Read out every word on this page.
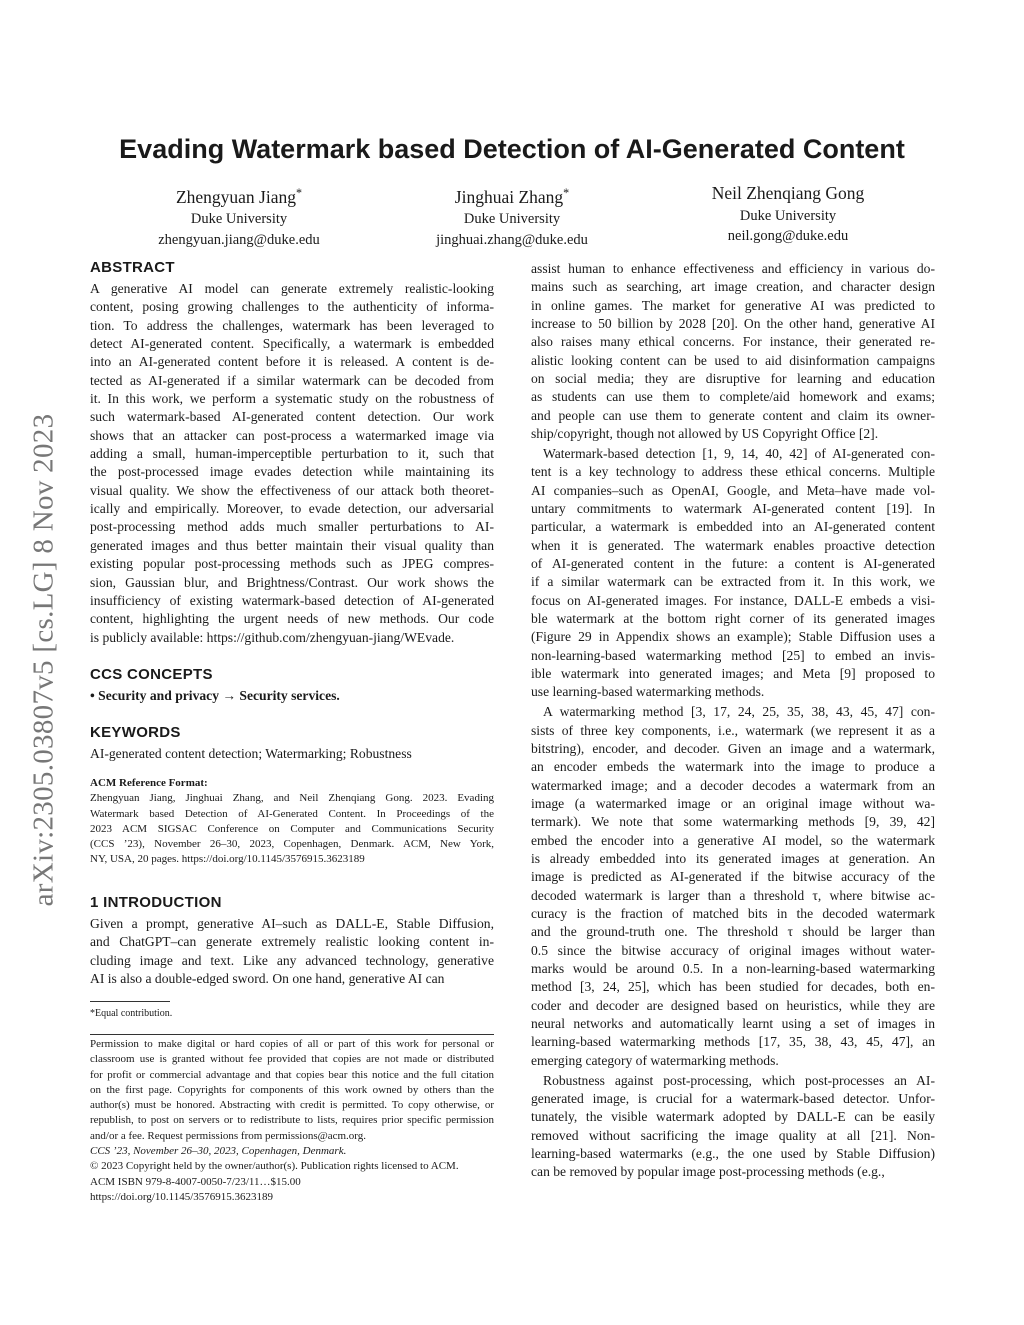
arXiv:2305.03807v5 [cs.LG] 8 Nov 2023
Evading Watermark based Detection of AI-Generated Content
Zhengyuan Jiang*
Duke University
zhengyuan.jiang@duke.edu
Jinghuai Zhang*
Duke University
jinghuai.zhang@duke.edu
Neil Zhenqiang Gong
Duke University
neil.gong@duke.edu
ABSTRACT
A generative AI model can generate extremely realistic-looking
content, posing growing challenges to the authenticity of informa-
tion. To address the challenges, watermark has been leveraged to
detect AI-generated content. Specifically, a watermark is embedded
into an AI-generated content before it is released. A content is de-
tected as AI-generated if a similar watermark can be decoded from
it. In this work, we perform a systematic study on the robustness of
such watermark-based AI-generated content detection. Our work
shows that an attacker can post-process a watermarked image via
adding a small, human-imperceptible perturbation to it, such that
the post-processed image evades detection while maintaining its
visual quality. We show the effectiveness of our attack both theoret-
ically and empirically. Moreover, to evade detection, our adversarial
post-processing method adds much smaller perturbations to AI-
generated images and thus better maintain their visual quality than
existing popular post-processing methods such as JPEG compres-
sion, Gaussian blur, and Brightness/Contrast. Our work shows the
insufficiency of existing watermark-based detection of AI-generated
content, highlighting the urgent needs of new methods. Our code
is publicly available: https://github.com/zhengyuan-jiang/WEvade.
CCS CONCEPTS
• Security and privacy → Security services.
KEYWORDS
AI-generated content detection; Watermarking; Robustness
ACM Reference Format:
Zhengyuan Jiang, Jinghuai Zhang, and Neil Zhenqiang Gong. 2023. Evading
Watermark based Detection of AI-Generated Content. In Proceedings of the
2023 ACM SIGSAC Conference on Computer and Communications Security
(CCS ’23), November 26–30, 2023, Copenhagen, Denmark. ACM, New York,
NY, USA, 20 pages. https://doi.org/10.1145/3576915.3623189
1 INTRODUCTION
Given a prompt, generative AI–such as DALL-E, Stable Diffusion,
and ChatGPT–can generate extremely realistic looking content in-
cluding image and text. Like any advanced technology, generative
AI is also a double-edged sword. On one hand, generative AI can
*Equal contribution.
Permission to make digital or hard copies of all or part of this work for personal or
classroom use is granted without fee provided that copies are not made or distributed
for profit or commercial advantage and that copies bear this notice and the full citation
on the first page. Copyrights for components of this work owned by others than the
author(s) must be honored. Abstracting with credit is permitted. To copy otherwise, or
republish, to post on servers or to redistribute to lists, requires prior specific permission
and/or a fee. Request permissions from permissions@acm.org.
CCS ’23, November 26–30, 2023, Copenhagen, Denmark.
© 2023 Copyright held by the owner/author(s). Publication rights licensed to ACM.
ACM ISBN 979-8-4007-0050-7/23/11…$15.00
https://doi.org/10.1145/3576915.3623189
assist human to enhance effectiveness and efficiency in various do-
mains such as searching, art image creation, and character design
in online games. The market for generative AI was predicted to
increase to 50 billion by 2028 [20]. On the other hand, generative AI
also raises many ethical concerns. For instance, their generated re-
alistic looking content can be used to aid disinformation campaigns
on social media; they are disruptive for learning and education
as students can use them to complete/aid homework and exams;
and people can use them to generate content and claim its owner-
ship/copyright, though not allowed by US Copyright Office [2].
Watermark-based detection [1, 9, 14, 40, 42] of AI-generated con-
tent is a key technology to address these ethical concerns. Multiple
AI companies–such as OpenAI, Google, and Meta–have made vol-
untary commitments to watermark AI-generated content [19]. In
particular, a watermark is embedded into an AI-generated content
when it is generated. The watermark enables proactive detection
of AI-generated content in the future: a content is AI-generated
if a similar watermark can be extracted from it. In this work, we
focus on AI-generated images. For instance, DALL-E embeds a visi-
ble watermark at the bottom right corner of its generated images
(Figure 29 in Appendix shows an example); Stable Diffusion uses a
non-learning-based watermarking method [25] to embed an invis-
ible watermark into generated images; and Meta [9] proposed to
use learning-based watermarking methods.
A watermarking method [3, 17, 24, 25, 35, 38, 43, 45, 47] con-
sists of three key components, i.e., watermark (we represent it as a
bitstring), encoder, and decoder. Given an image and a watermark,
an encoder embeds the watermark into the image to produce a
watermarked image; and a decoder decodes a watermark from an
image (a watermarked image or an original image without wa-
termark). We note that some watermarking methods [9, 39, 42]
embed the encoder into a generative AI model, so the watermark
is already embedded into its generated images at generation. An
image is predicted as AI-generated if the bitwise accuracy of the
decoded watermark is larger than a threshold τ, where bitwise ac-
curacy is the fraction of matched bits in the decoded watermark
and the ground-truth one. The threshold τ should be larger than
0.5 since the bitwise accuracy of original images without water-
marks would be around 0.5. In a non-learning-based watermarking
method [3, 24, 25], which has been studied for decades, both en-
coder and decoder are designed based on heuristics, while they are
neural networks and automatically learnt using a set of images in
learning-based watermarking methods [17, 35, 38, 43, 45, 47], an
emerging category of watermarking methods.
Robustness against post-processing, which post-processes an AI-
generated image, is crucial for a watermark-based detector. Unfor-
tunately, the visible watermark adopted by DALL-E can be easily
removed without sacrificing the image quality at all [21]. Non-
learning-based watermarks (e.g., the one used by Stable Diffusion)
can be removed by popular image post-processing methods (e.g.,
